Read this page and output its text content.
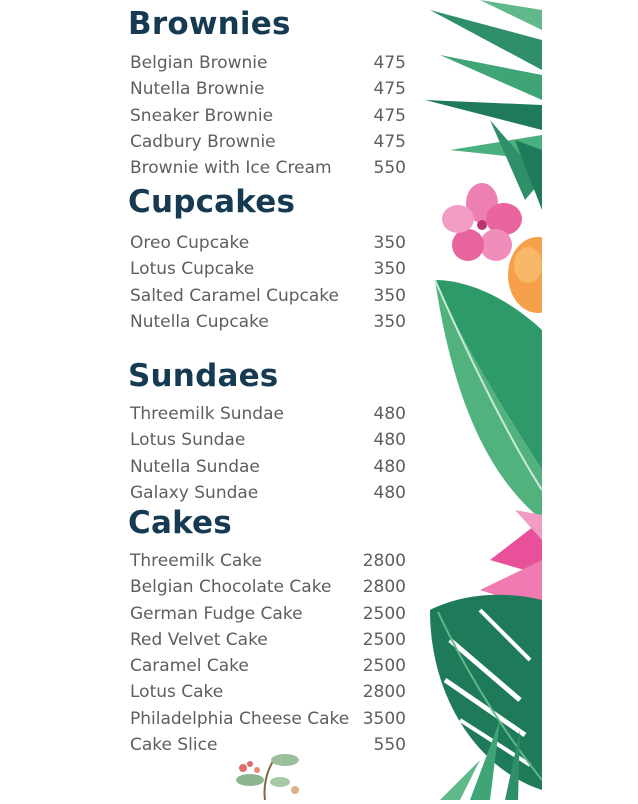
Brownies
Belgian Brownie	475
Nutella Brownie	475
Sneaker Brownie	475
Cadbury Brownie	475
Brownie with Ice Cream 550
Cupcakes
Oreo Cupcake	350
Lotus Cupcake	350
Salted Caramel Cupcake 350
Nutella Cupcake	350
Sundaes
Threemilk Sundae	480
Lotus Sundae	480
Nutella Sundae	480
Galaxy Sundae	480
Cakes
Threemilk Cake	2800
Belgian Chocolate Cake 2800
German Fudge Cake	2500
Red Velvet Cake	2500
Caramel Cake	2500
Lotus Cake	2800
Philadelphia Cheese Cake 3500
Cake Slice	550
